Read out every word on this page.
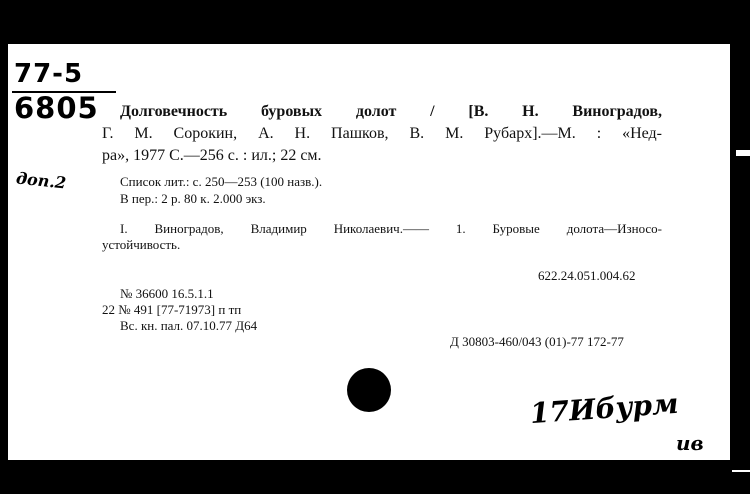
77-5
6805
доп.2
Долговечность буровых долот / [В. Н. Виноградов,
Г. М. Сорокин, А. Н. Пашков, В. М. Рубарх].—М. : «Нед-
ра», 1977 С.—256 с. : ил.; 22 см.
Список лит.: с. 250—253 (100 назв.).
В пер.: 2 р. 80 к. 2.000 экз.
I. Виноградов, Владимир Николаевич.—— 1. Буровые долота—Износо-
устойчивость.
622.24.051.004.62
№ 36600 16.5.1.1
22 № 491 [77-71973] п тп
Вс. кн. пал. 07.10.77 Д64
Д 30803-460/043 (01)-77 172-77
17Ибурм
ив
